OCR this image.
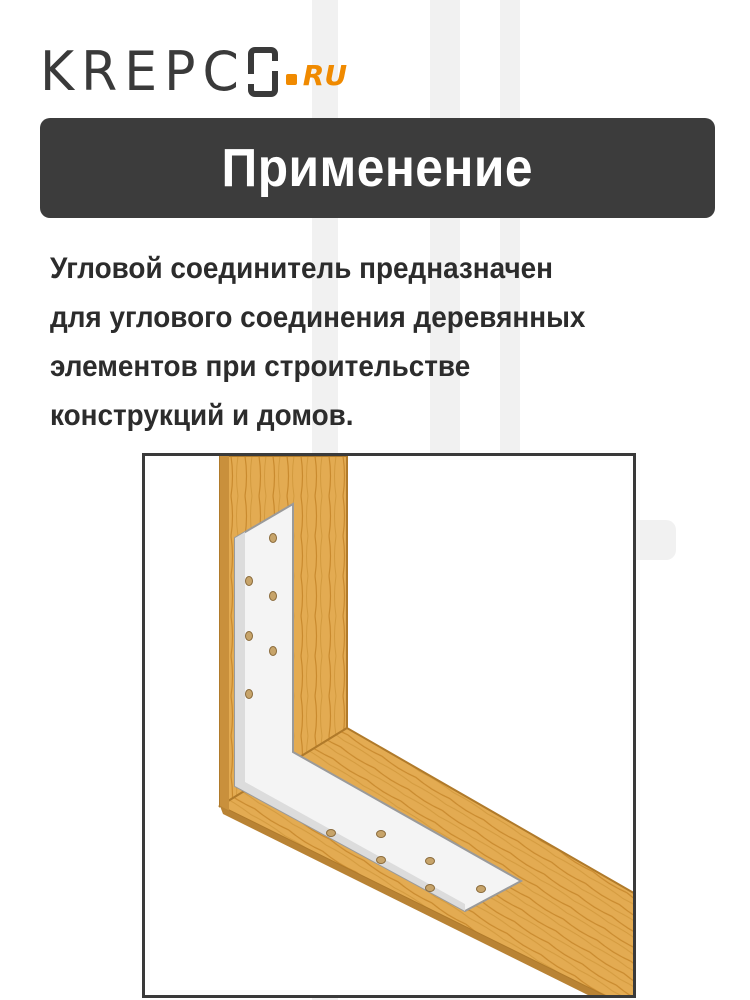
KREPC RU
Применение
Угловой соединитель предназначен
для углового соединения деревянных
элементов при строительстве
конструкций и домов.
